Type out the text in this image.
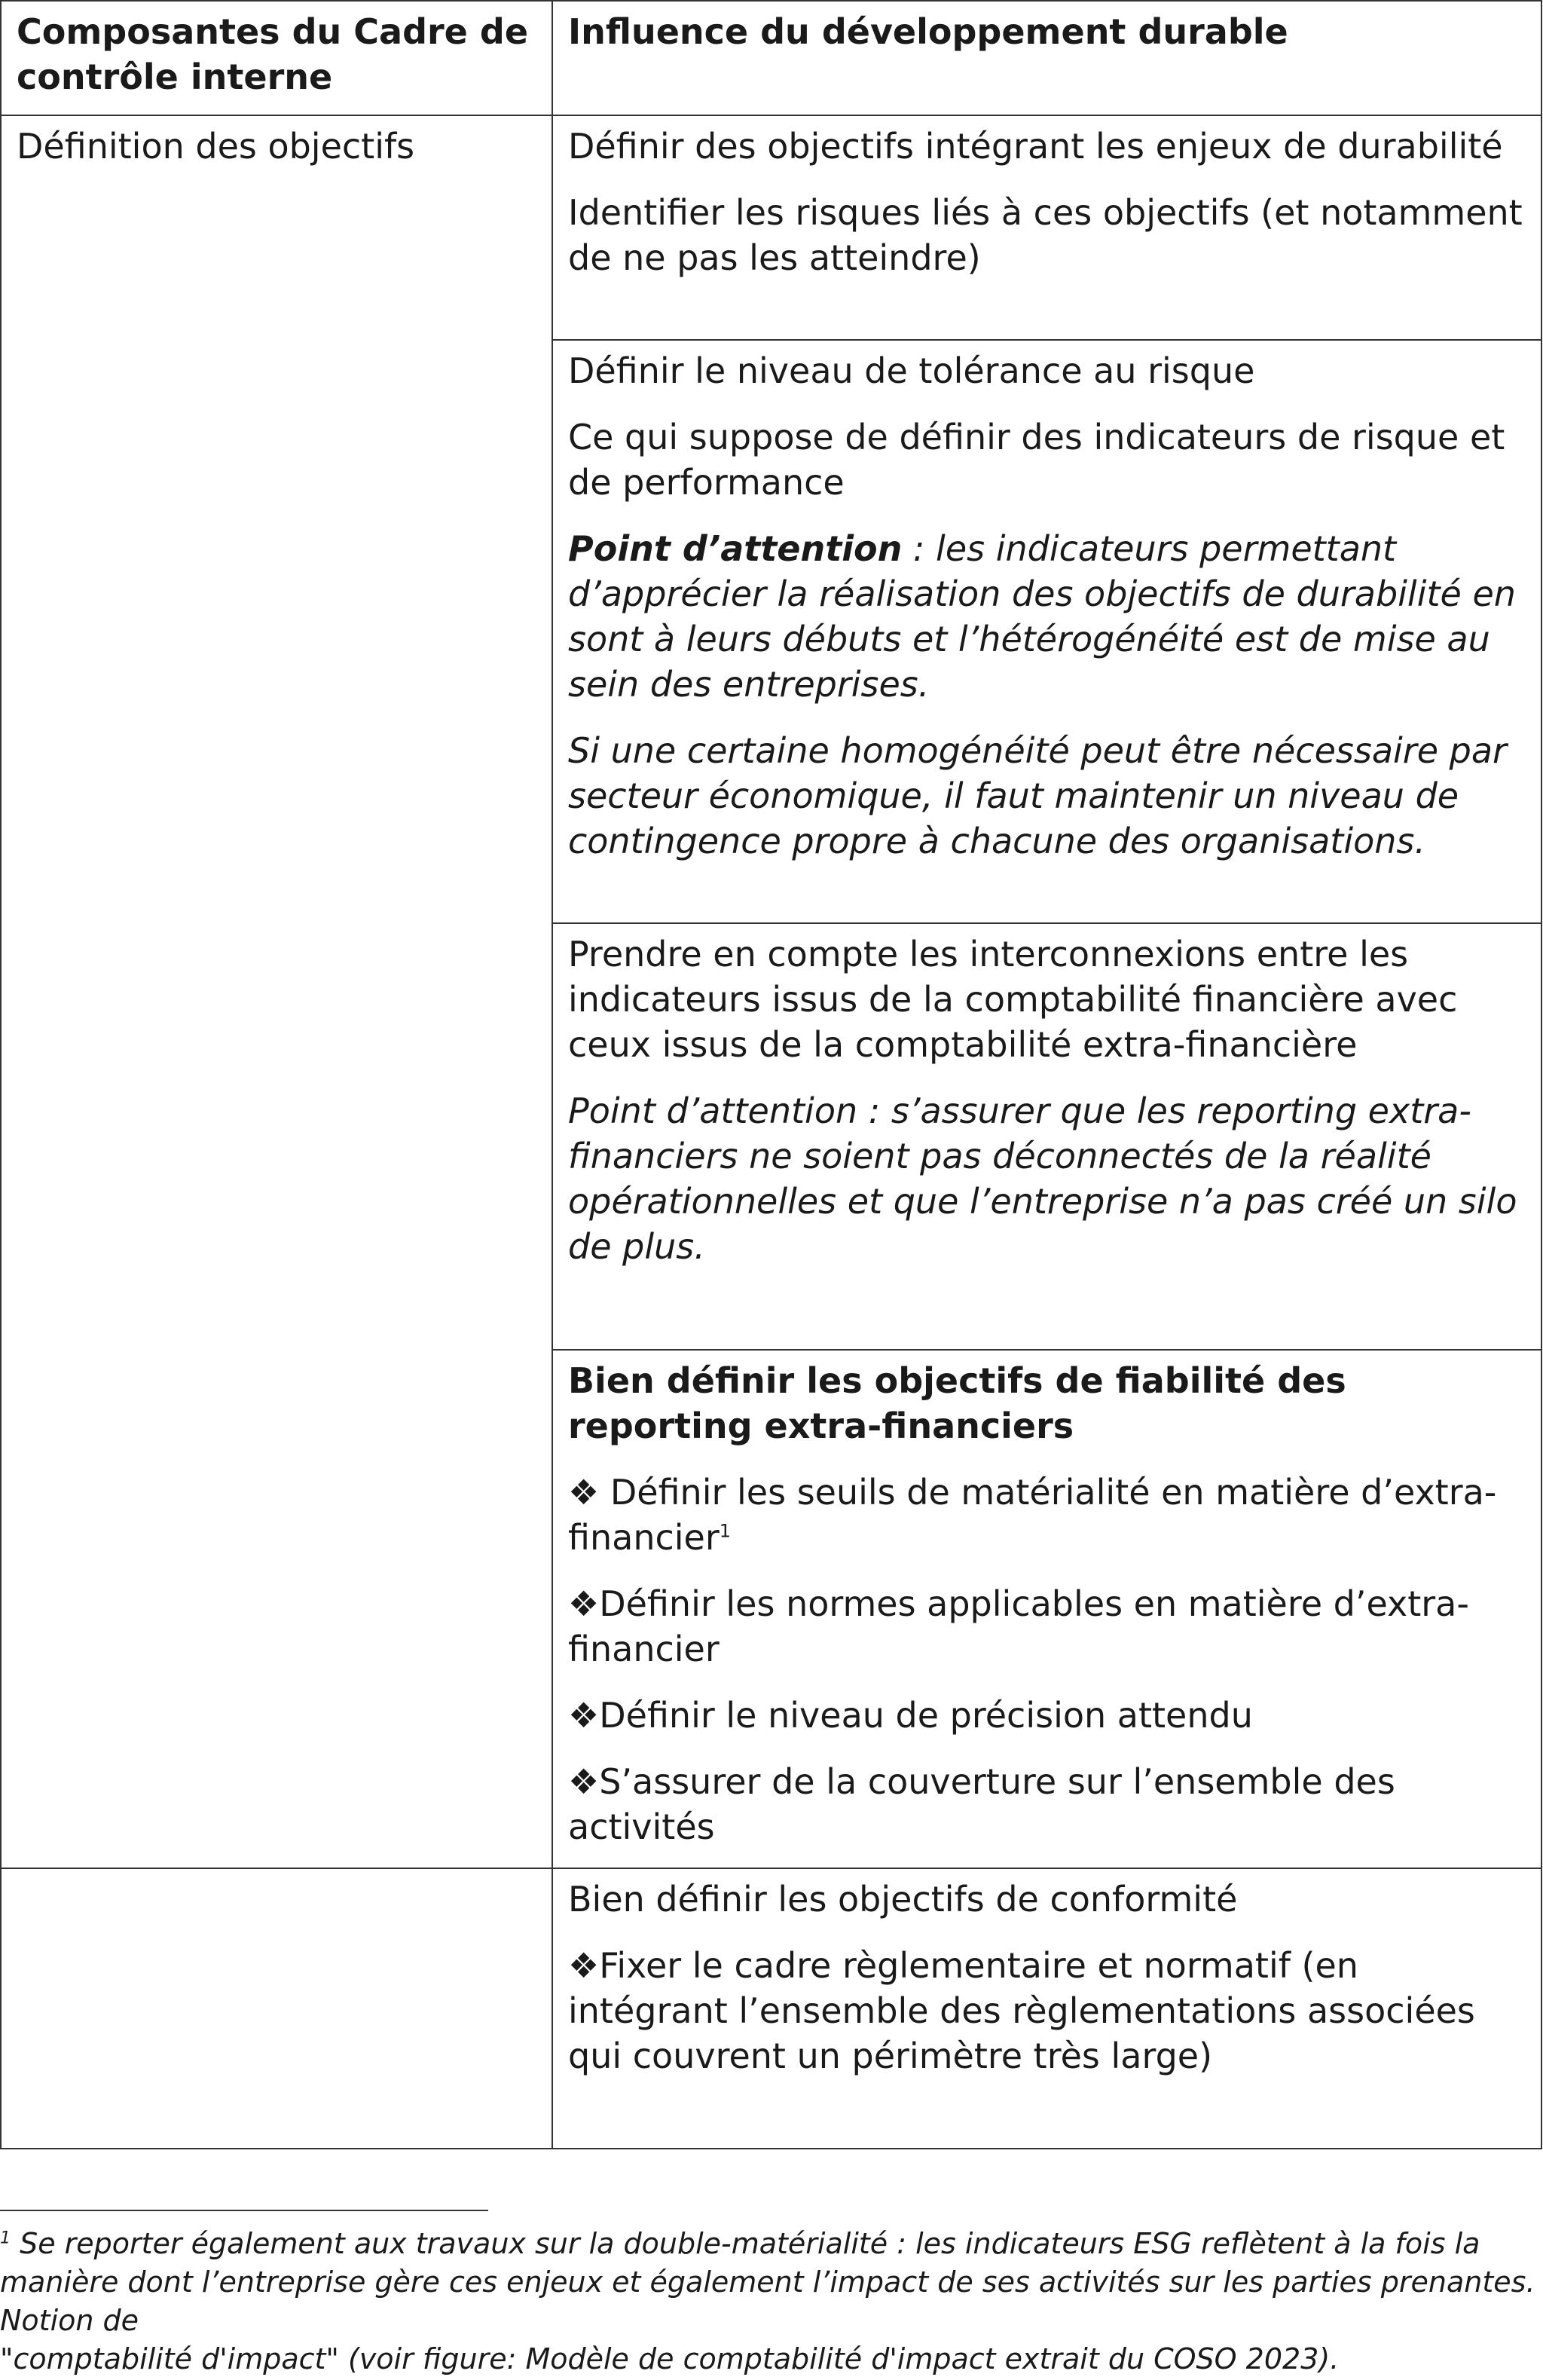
Composantes du Cadre de contrôle interne	Influence du développement durable
Définition des objectifs	Définir des objectifs intégrant les enjeux de durabilité

Identifier les risques liés à ces objectifs (et notamment de ne pas les atteindre)

	Définir le niveau de tolérance au risque

Ce qui suppose de définir des indicateurs de risque et de performance

Point d’attention : les indicateurs permettant d’apprécier la réalisation des objectifs de durabilité en sont à leurs débuts et l’hétérogénéité est de mise au sein des entreprises.

Si une certaine homogénéité peut être nécessaire par secteur économique, il faut maintenir un niveau de contingence propre à chacune des organisations.

	Prendre en compte les interconnexions entre les indicateurs issus de la comptabilité financière avec ceux issus de la comptabilité extra-financière

Point d’attention : s’assurer que les reporting extra-financiers ne soient pas déconnectés de la réalité opérationnelles et que l’entreprise n’a pas créé un silo de plus.

	Bien définir les objectifs de fiabilité des reporting extra-financiers

❖ Définir les seuils de matérialité en matière d’extra-financier$^1$

❖Définir les normes applicables en matière d’extra-financier

❖Définir le niveau de précision attendu

❖S’assurer de la couverture sur l’ensemble des activités

	Bien définir les objectifs de conformité

❖Fixer le cadre règlementaire et normatif (en intégrant l’ensemble des règlementations associées qui couvrent un périmètre très large)

$^1$ Se reporter également aux travaux sur la double-matérialité : les indicateurs ESG reflètent à la fois la manière dont l’entreprise gère ces enjeux et également l’impact de ses activités sur les parties prenantes. Notion de
"comptabilité d'impact" (voir figure: Modèle de comptabilité d'impact extrait du COSO 2023).
